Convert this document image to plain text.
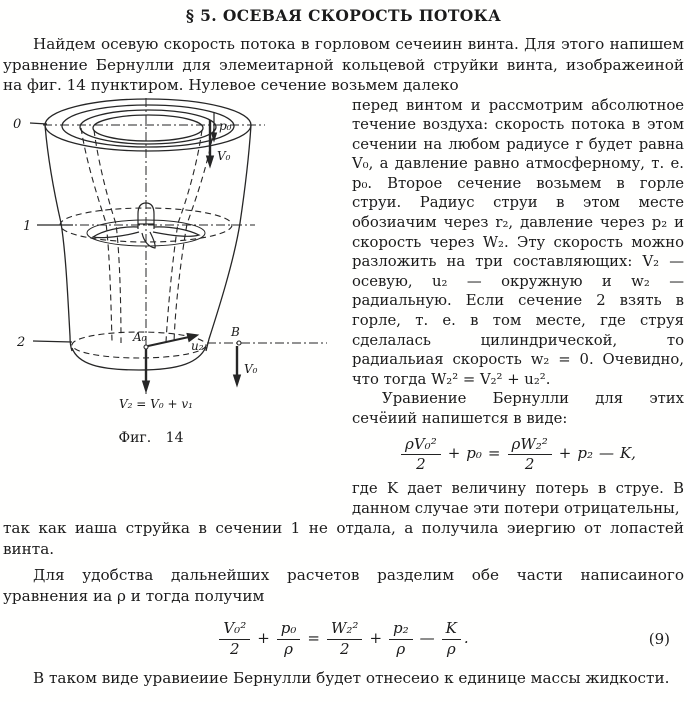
§ 5. ОСЕВАЯ СКОРОСТЬ ПОТОКА

Найдем осевую скорость потока в горловом сечеиин винта. Для этого напишем уравнение Бернулли для элемеитарной кольцевой струйки винта, изображеиной на фиг. 14 пунктиром. Нулевое сечение возьмем далеко

0
1
2
p₀
V₀
A₀
u₂
В
V₀
V₂ = V₀ + v₁
Фиг. 14

перед винтом и рассмотрим абсолютное течение воздуха: скорость потока в этом сечении на любом радиусе r будет равна V₀, а давление равно атмосферному, т. е. p₀. Второе сечение возьмем в горле струи. Радиус струи в этом месте обозиачим через r₂, давление через p₂ и скорость через W₂. Эту скорость можно разложить на три составляющих: V₂ — осевую, u₂ — окружную и w₂ — радиальную. Если сечение 2 взять в горле, т. е. в том месте, где струя сделалась цилиндрической, то радиальиая скорость w₂ = 0. Очевидно, что тогда W₂² = V₂² + u₂².

Уравиение Бернулли для этих сечёиий напишется в виде:

$\frac{\text{ρV₀²}}{2} + p_0 = \frac{\text{ρW₂²}}{2} + p_2$ — K,

где K дает величину потерь в струе. В данном случае эти потери отрицательны,

так как иаша струйка в сечении 1 не отдала, а получила эиергию от лопастей винта.

Для удобства дальнейших расчетов разделим обе части написаиного уравнения иа ρ и тогда получим

$\frac{\text{V₀²}}{2} + \frac{\text{p₀}}{\rho} = \frac{\text{W₂²}}{2} + \frac{\text{p₂}}{\rho}$ — $\frac{K}{\rho}$ .	(9)

В таком виде уравиеиие Бернулли будет отнесеио к единице массы жидкости.
